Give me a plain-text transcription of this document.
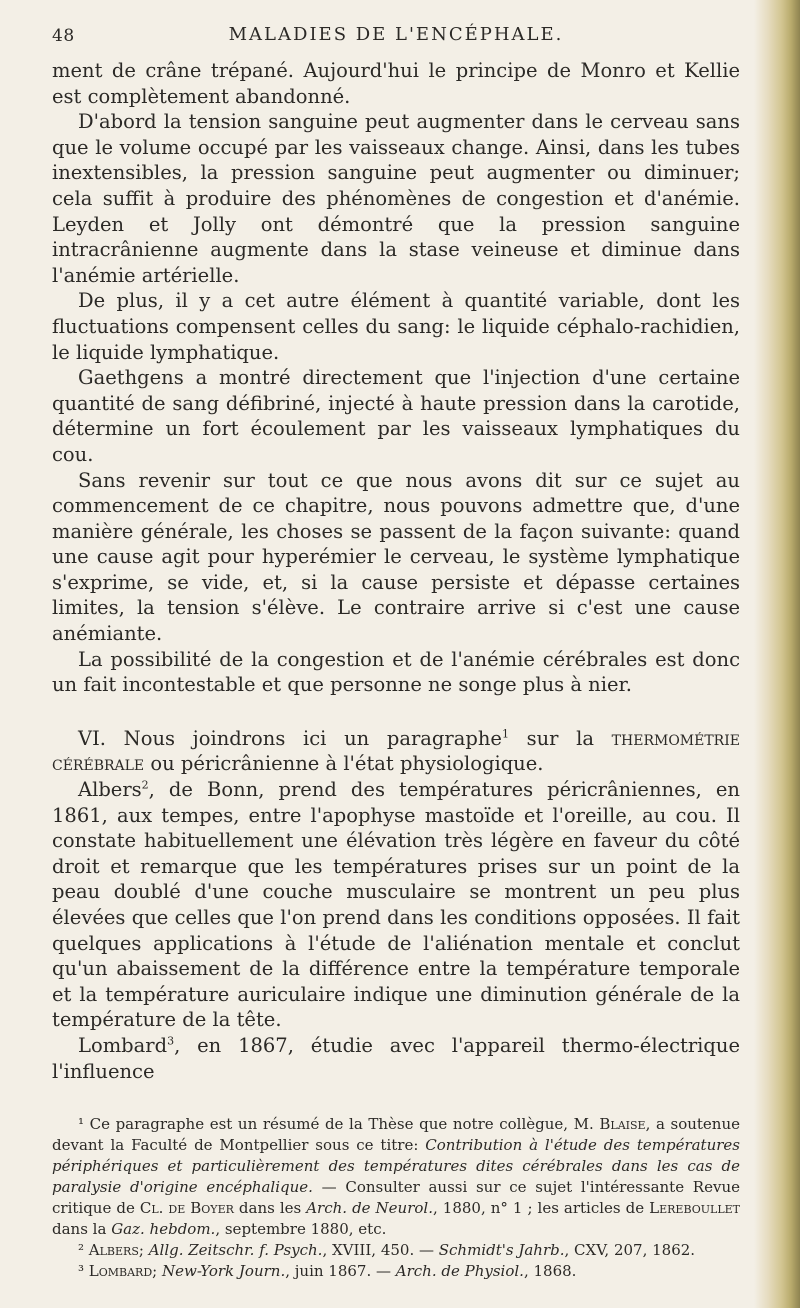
48	MALADIES DE L'ENCÉPHALE.

ment de crâne trépané. Aujourd'hui le principe de Monro et Kellie est complètement abandonné.

D'abord la tension sanguine peut augmenter dans le cerveau sans que le volume occupé par les vaisseaux change. Ainsi, dans les tubes inextensibles, la pression sanguine peut augmenter ou diminuer; cela suffit à produire des phénomènes de congestion et d'anémie. Leyden et Jolly ont démontré que la pression sanguine intracrânienne augmente dans la stase veineuse et diminue dans l'anémie artérielle.

De plus, il y a cet autre élément à quantité variable, dont les fluctuations compensent celles du sang: le liquide céphalo-rachidien, le liquide lymphatique.

Gaethgens a montré directement que l'injection d'une certaine quantité de sang défibriné, injecté à haute pression dans la carotide, détermine un fort écoulement par les vaisseaux lymphatiques du cou.

Sans revenir sur tout ce que nous avons dit sur ce sujet au commencement de ce chapitre, nous pouvons admettre que, d'une manière générale, les choses se passent de la façon suivante: quand une cause agit pour hyperémier le cerveau, le système lymphatique s'exprime, se vide, et, si la cause persiste et dépasse certaines limites, la tension s'élève. Le contraire arrive si c'est une cause anémiante.

La possibilité de la congestion et de l'anémie cérébrales est donc un fait incontestable et que personne ne songe plus à nier.

VI. Nous joindrons ici un paragraphe$^1$ sur la thermométrie cérébrale ou péricrânienne à l'état physiologique.

Albers$^2$, de Bonn, prend des températures péricrâniennes, en 1861, aux tempes, entre l'apophyse mastoïde et l'oreille, au cou. Il constate habituellement une élévation très légère en faveur du côté droit et remarque que les températures prises sur un point de la peau doublé d'une couche musculaire se montrent un peu plus élevées que celles que l'on prend dans les conditions opposées. Il fait quelques applications à l'étude de l'aliénation mentale et conclut qu'un abaissement de la différence entre la température temporale et la température auriculaire indique une diminution générale de la température de la tête.

Lombard$^3$, en 1867, étudie avec l'appareil thermo-électrique l'influence

¹ Ce paragraphe est un résumé de la Thèse que notre collègue, M. Blaise, a soutenue devant la Faculté de Montpellier sous ce titre: Contribution à l'étude des températures périphériques et particulièrement des températures dites cérébrales dans les cas de paralysie d'origine encéphalique. — Consulter aussi sur ce sujet l'intéressante Revue critique de Cl. de Boyer dans les Arch. de Neurol., 1880, n° 1 ; les articles de Lereboullet dans la Gaz. hebdom., septembre 1880, etc.

² Albers; Allg. Zeitschr. f. Psych., XVIII, 450. — Schmidt's Jahrb., CXV, 207, 1862.

³ Lombard; New-York Journ., juin 1867. — Arch. de Physiol., 1868.
